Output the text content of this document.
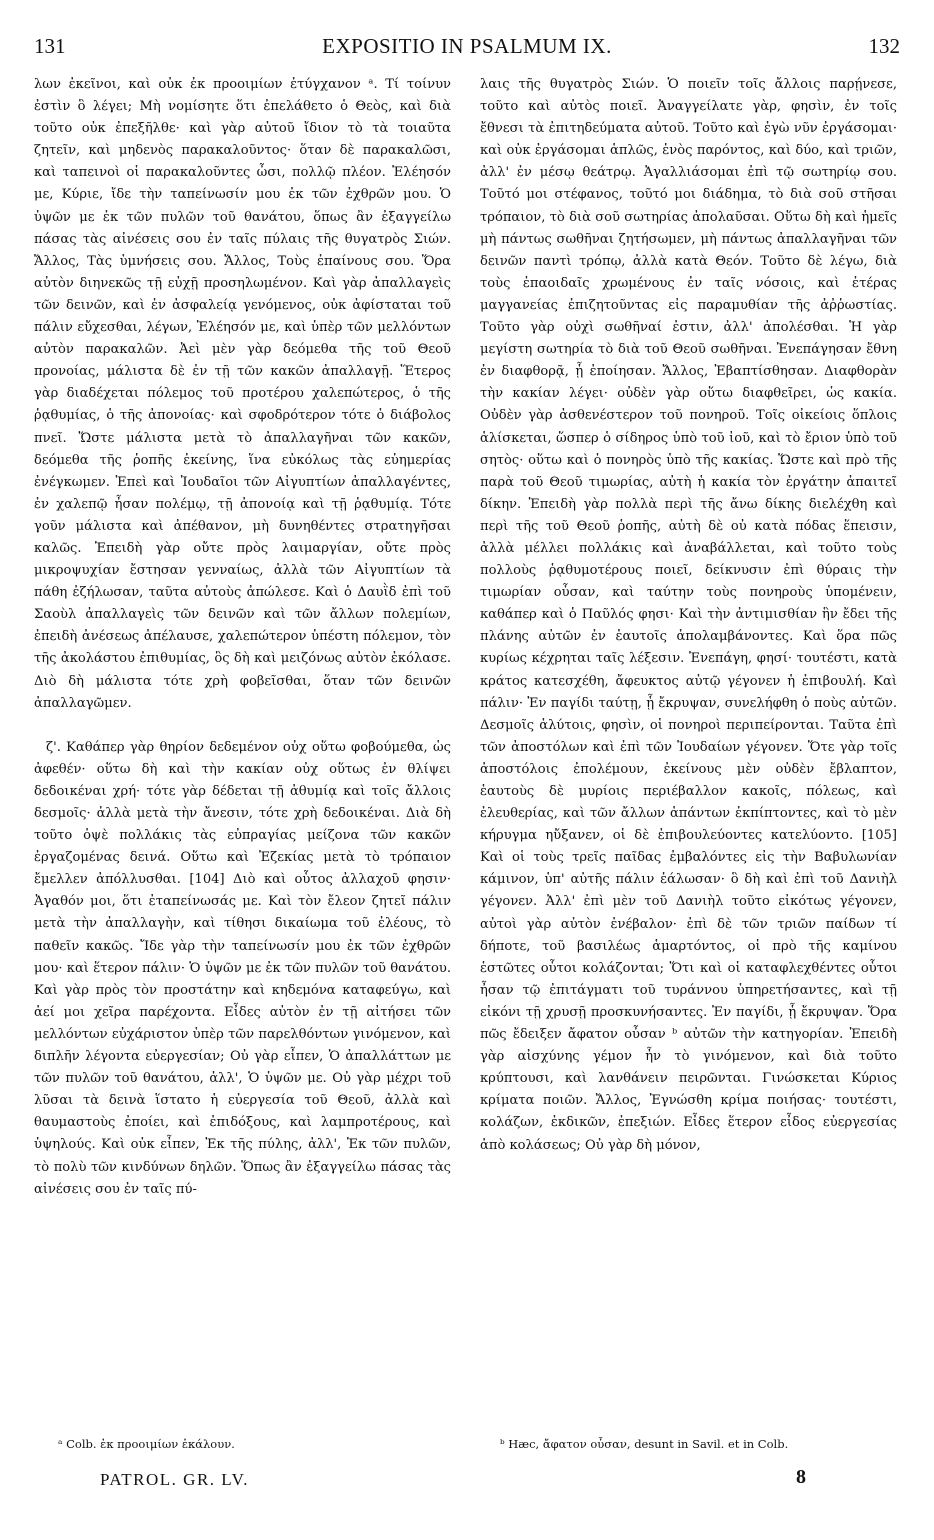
131	EXPOSITIO IN PSALMUM IX.	132

λων ἐκεῖνοι, καὶ οὐκ ἐκ προοιμίων ἐτύγχανον ᵃ. Τί τοίνυν ἐστὶν ὃ λέγει; Μὴ νομίσητε ὅτι ἐπελάθετο ὁ Θεὸς, καὶ διὰ τοῦτο οὐκ ἐπεξῆλθε· καὶ γὰρ αὐτοῦ ἴδιον τὸ τὰ τοιαῦτα ζητεῖν, καὶ μηδενὸς παρακαλοῦντος· ὅταν δὲ παρακαλῶσι, καὶ ταπεινοὶ οἱ παρακαλοῦντες ὦσι, πολλῷ πλέον. Ἐλέησόν με, Κύριε, ἴδε τὴν ταπείνωσίν μου ἐκ τῶν ἐχθρῶν μου. Ὁ ὑψῶν με ἐκ τῶν πυλῶν τοῦ θανάτου, ὅπως ἂν ἐξαγγείλω πάσας τὰς αἰνέσεις σου ἐν ταῖς πύλαις τῆς θυγατρὸς Σιών. Ἄλλος, Τὰς ὑμνήσεις σου. Ἄλλος, Τοὺς ἐπαίνους σου. Ὅρα αὐτὸν διηνεκῶς τῇ εὐχῇ προσηλωμένον. Καὶ γὰρ ἀπαλλαγεὶς τῶν δεινῶν, καὶ ἐν ἀσφαλείᾳ γενόμενος, οὐκ ἀφίσταται τοῦ πάλιν εὔχεσθαι, λέγων, Ἐλέησόν με, καὶ ὑπὲρ τῶν μελλόντων αὐτὸν παρακαλῶν. Ἀεὶ μὲν γὰρ δεόμεθα τῆς τοῦ Θεοῦ προνοίας, μάλιστα δὲ ἐν τῇ τῶν κακῶν ἀπαλλαγῇ. Ἕτερος γὰρ διαδέχεται πόλεμος τοῦ προτέρου χαλεπώτερος, ὁ τῆς ῥᾳθυμίας, ὁ τῆς ἀπονοίας· καὶ σφοδρότερον τότε ὁ διάβολος πνεῖ. Ὥστε μάλιστα μετὰ τὸ ἀπαλλαγῆναι τῶν κακῶν, δεόμεθα τῆς ῥοπῆς ἐκείνης, ἵνα εὐκόλως τὰς εὐημερίας ἐνέγκωμεν. Ἐπεὶ καὶ Ἰουδαῖοι τῶν Αἰγυπτίων ἀπαλλαγέντες, ἐν χαλεπῷ ἦσαν πολέμῳ, τῇ ἀπονοίᾳ καὶ τῇ ῥᾳθυμίᾳ. Τότε γοῦν μάλιστα καὶ ἀπέθανον, μὴ δυνηθέντες στρατηγῆσαι καλῶς. Ἐπειδὴ γὰρ οὔτε πρὸς λαιμαργίαν, οὔτε πρὸς μικροψυχίαν ἔστησαν γενναίως, ἀλλὰ τῶν Αἰγυπτίων τὰ πάθη ἐζήλωσαν, ταῦτα αὐτοὺς ἀπώλεσε. Καὶ ὁ Δαυῒδ ἐπὶ τοῦ Σαοὺλ ἀπαλλαγεὶς τῶν δεινῶν καὶ τῶν ἄλλων πολεμίων, ἐπειδὴ ἀνέσεως ἀπέλαυσε, χαλεπώτερον ὑπέστη πόλεμον, τὸν τῆς ἀκολάστου ἐπιθυμίας, ὃς δὴ καὶ μειζόνως αὐτὸν ἐκόλασε. Διὸ δὴ μάλιστα τότε χρὴ φοβεῖσθαι, ὅταν τῶν δεινῶν ἀπαλλαγῶμεν.

ζ'. Καθάπερ γὰρ θηρίον δεδεμένον οὐχ οὕτω φοβούμεθα, ὡς ἀφεθέν· οὕτω δὴ καὶ τὴν κακίαν οὐχ οὕτως ἐν θλίψει δεδοικέναι χρή· τότε γὰρ δέδεται τῇ ἀθυμίᾳ καὶ τοῖς ἄλλοις δεσμοῖς· ἀλλὰ μετὰ τὴν ἄνεσιν, τότε χρὴ δεδοικέναι. Διὰ δὴ τοῦτο ὀψὲ πολλάκις τὰς εὐπραγίας μείζονα τῶν κακῶν ἐργαζομένας δεινά. Οὕτω καὶ Ἐζεκίας μετὰ τὸ τρόπαιον ἔμελλεν ἀπόλλυσθαι. [104] Διὸ καὶ οὗτος ἀλλαχοῦ φησιν· Ἀγαθόν μοι, ὅτι ἐταπείνωσάς με. Καὶ τὸν ἔλεον ζητεῖ πάλιν μετὰ τὴν ἀπαλλαγὴν, καὶ τίθησι δικαίωμα τοῦ ἐλέους, τὸ παθεῖν κακῶς. Ἴδε γὰρ τὴν ταπείνωσίν μου ἐκ τῶν ἐχθρῶν μου· καὶ ἕτερον πάλιν· Ὁ ὑψῶν με ἐκ τῶν πυλῶν τοῦ θανάτου. Καὶ γὰρ πρὸς τὸν προστάτην καὶ κηδεμόνα καταφεύγω, καὶ ἀεί μοι χεῖρα παρέχοντα. Εἶδες αὐτὸν ἐν τῇ αἰτήσει τῶν μελλόντων εὐχάριστον ὑπὲρ τῶν παρελθόντων γινόμενον, καὶ διπλῆν λέγοντα εὐεργεσίαν; Οὐ γὰρ εἶπεν, Ὁ ἀπαλλάττων με τῶν πυλῶν τοῦ θανάτου, ἀλλ', Ὁ ὑψῶν με. Οὐ γὰρ μέχρι τοῦ λῦσαι τὰ δεινὰ ἵστατο ἡ εὐεργεσία τοῦ Θεοῦ, ἀλλὰ καὶ θαυμαστοὺς ἐποίει, καὶ ἐπιδόξους, καὶ λαμπροτέρους, καὶ ὑψηλούς. Καὶ οὐκ εἶπεν, Ἐκ τῆς πύλης, ἀλλ', Ἐκ τῶν πυλῶν, τὸ πολὺ τῶν κινδύνων δηλῶν. Ὅπως ἂν ἐξαγγείλω πάσας τὰς αἰνέσεις σου ἐν ταῖς πύ-

λαις τῆς θυγατρὸς Σιών. Ὁ ποιεῖν τοῖς ἄλλοις παρῄνεσε, τοῦτο καὶ αὐτὸς ποιεῖ. Ἀναγγείλατε γὰρ, φησὶν, ἐν τοῖς ἔθνεσι τὰ ἐπιτηδεύματα αὐτοῦ. Τοῦτο καὶ ἐγὼ νῦν ἐργάσομαι· καὶ οὐκ ἐργάσομαι ἁπλῶς, ἑνὸς παρόντος, καὶ δύο, καὶ τριῶν, ἀλλ' ἐν μέσῳ θεάτρῳ. Ἀγαλλιάσομαι ἐπὶ τῷ σωτηρίῳ σου. Τοῦτό μοι στέφανος, τοῦτό μοι διάδημα, τὸ διὰ σοῦ στῆσαι τρόπαιον, τὸ διὰ σοῦ σωτηρίας ἀπολαῦσαι. Οὕτω δὴ καὶ ἡμεῖς μὴ πάντως σωθῆναι ζητήσωμεν, μὴ πάντως ἀπαλλαγῆναι τῶν δεινῶν παντὶ τρόπῳ, ἀλλὰ κατὰ Θεόν. Τοῦτο δὲ λέγω, διὰ τοὺς ἐπαοιδαῖς χρωμένους ἐν ταῖς νόσοις, καὶ ἑτέρας μαγγανείας ἐπιζητοῦντας εἰς παραμυθίαν τῆς ἀῤῥωστίας. Τοῦτο γὰρ οὐχὶ σωθῆναί ἐστιν, ἀλλ' ἀπολέσθαι. Ἡ γὰρ μεγίστη σωτηρία τὸ διὰ τοῦ Θεοῦ σωθῆναι. Ἐνεπάγησαν ἔθνη ἐν διαφθορᾷ, ᾗ ἐποίησαν. Ἄλλος, Ἐβαπτίσθησαν. Διαφθορὰν τὴν κακίαν λέγει· οὐδὲν γὰρ οὕτω διαφθεῖρει, ὡς κακία. Οὐδὲν γὰρ ἀσθενέστερον τοῦ πονηροῦ. Τοῖς οἰκείοις ὅπλοις ἁλίσκεται, ὥσπερ ὁ σίδηρος ὑπὸ τοῦ ἰοῦ, καὶ τὸ ἔριον ὑπὸ τοῦ σητὸς· οὕτω καὶ ὁ πονηρὸς ὑπὸ τῆς κακίας. Ὥστε καὶ πρὸ τῆς παρὰ τοῦ Θεοῦ τιμωρίας, αὐτὴ ἡ κακία τὸν ἐργάτην ἀπαιτεῖ δίκην. Ἐπειδὴ γὰρ πολλὰ περὶ τῆς ἄνω δίκης διελέχθη καὶ περὶ τῆς τοῦ Θεοῦ ῥοπῆς, αὐτὴ δὲ οὐ κατὰ πόδας ἕπεισιν, ἀλλὰ μέλλει πολλάκις καὶ ἀναβάλλεται, καὶ τοῦτο τοὺς πολλοὺς ῥᾳθυμοτέρους ποιεῖ, δείκνυσιν ἐπὶ θύραις τὴν τιμωρίαν οὖσαν, καὶ ταύτην τοὺς πονηροὺς ὑπομένειν, καθάπερ καὶ ὁ Παῦλός φησι· Καὶ τὴν ἀντιμισθίαν ἣν ἔδει τῆς πλάνης αὐτῶν ἐν ἑαυτοῖς ἀπολαμβάνοντες. Καὶ ὅρα πῶς κυρίως κέχρηται ταῖς λέξεσιν. Ἐνεπάγη, φησί· τουτέστι, κατὰ κράτος κατεσχέθη, ἄφευκτος αὐτῷ γέγονεν ἡ ἐπιβουλή. Καὶ πάλιν· Ἐν παγίδι ταύτῃ, ᾗ ἔκρυψαν, συνελήφθη ὁ ποὺς αὐτῶν. Δεσμοῖς ἀλύτοις, φησὶν, οἱ πονηροὶ περιπείρονται. Ταῦτα ἐπὶ τῶν ἀποστόλων καὶ ἐπὶ τῶν Ἰουδαίων γέγονεν. Ὅτε γὰρ τοῖς ἀποστόλοις ἐπολέμουν, ἐκείνους μὲν οὐδὲν ἔβλαπτον, ἑαυτοὺς δὲ μυρίοις περιέβαλλον κακοῖς, πόλεως, καὶ ἐλευθερίας, καὶ τῶν ἄλλων ἁπάντων ἐκπίπτοντες, καὶ τὸ μὲν κήρυγμα ηὔξανεν, οἱ δὲ ἐπιβουλεύοντες κατελύοντο. [105] Καὶ οἱ τοὺς τρεῖς παῖδας ἐμβαλόντες εἰς τὴν Βαβυλωνίαν κάμινον, ὑπ' αὐτῆς πάλιν ἑάλωσαν· ὃ δὴ καὶ ἐπὶ τοῦ Δανιὴλ γέγονεν. Ἀλλ' ἐπὶ μὲν τοῦ Δανιὴλ τοῦτο εἰκότως γέγονεν, αὐτοὶ γὰρ αὐτὸν ἐνέβαλον· ἐπὶ δὲ τῶν τριῶν παίδων τί δήποτε, τοῦ βασιλέως ἁμαρτόντος, οἱ πρὸ τῆς καμίνου ἑστῶτες οὗτοι κολάζονται; Ὅτι καὶ οἱ καταφλεχθέντες οὗτοι ἦσαν τῷ ἐπιτάγματι τοῦ τυράννου ὑπηρετήσαντες, καὶ τῇ εἰκόνι τῇ χρυσῇ προσκυνήσαντες. Ἐν παγίδι, ᾗ ἔκρυψαν. Ὅρα πῶς ἔδειξεν ἄφατον οὖσαν ᵇ αὐτῶν τὴν κατηγορίαν. Ἐπειδὴ γὰρ αἰσχύνης γέμον ἦν τὸ γινόμενον, καὶ διὰ τοῦτο κρύπτουσι, καὶ λανθάνειν πειρῶνται. Γινώσκεται Κύριος κρίματα ποιῶν. Ἄλλος, Ἐγνώσθη κρίμα ποιήσας· τουτέστι, κολάζων, ἐκδικῶν, ἐπεξιών. Εἶδες ἕτερον εἶδος εὐεργεσίας ἀπὸ κολάσεως; Οὐ γὰρ δὴ μόνον,

ᵃ Colb. ἐκ προοιμίων ἐκάλουν.	ᵇ Hæc, ἄφατον οὖσαν, desunt in Savil. et in Colb.
PATROL. GR. LV.	8
